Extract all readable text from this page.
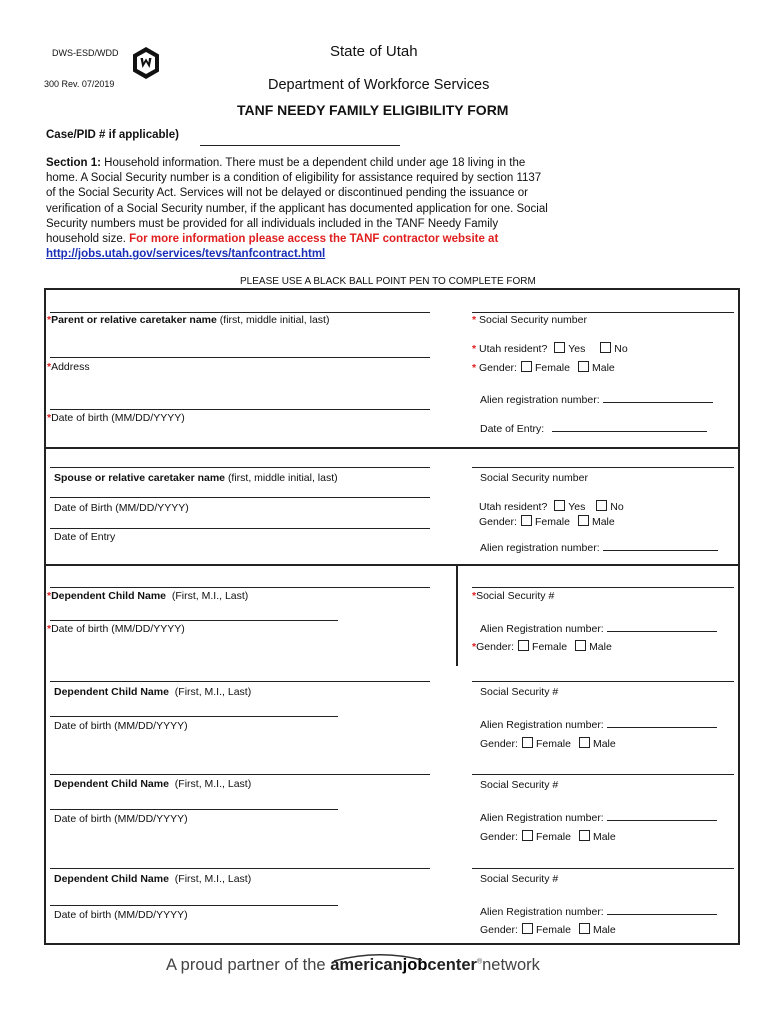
DWS-ESD/WDD
300 Rev. 07/2019
State of Utah
Department of Workforce Services
TANF NEEDY FAMILY ELIGIBILITY FORM
Case/PID # if applicable)
Section 1: Household information. There must be a dependent child under age 18 living in the
home. A Social Security number is a condition of eligibility for assistance required by section 1137
of the Social Security Act. Services will not be delayed or discontinued pending the issuance or
verification of a Social Security number, if the applicant has documented application for one. Social
Security numbers must be provided for all individuals included in the TANF Needy Family
household size. For more information please access the TANF contractor website at
http://jobs.utah.gov/services/tevs/tanfcontract.html
PLEASE USE A BLACK BALL POINT PEN TO COMPLETE FORM
*Parent or relative caretaker name (first, middle initial, last)	* Social Security number
* Utah resident? Yes	No
* Gender: Female Male
*Address
Alien registration number:
*Date of birth (MM/DD/YYYY)
Date of Entry:
Spouse or relative caretaker name (first, middle initial, last)	Social Security number
Date of Birth (MM/DD/YYYY)	Utah resident? Yes No
Gender: Female Male
Date of Entry
Alien registration number:
*Dependent Child Name (First, M.I., Last)	*Social Security #
*Date of birth (MM/DD/YYYY)	Alien Registration number:
*Gender: Female Male
Dependent Child Name (First, M.I., Last)	Social Security #
Date of birth (MM/DD/YYYY)	Alien Registration number:
Gender: Female Male
Dependent Child Name (First, M.I., Last)	Social Security #
Date of birth (MM/DD/YYYY)	Alien Registration number:
Gender: Female Male
Dependent Child Name (First, M.I., Last)	Social Security #
Date of birth (MM/DD/YYYY)	Alien Registration number:
Gender: Female Male
A proud partner of the
americanjobcenter®network
